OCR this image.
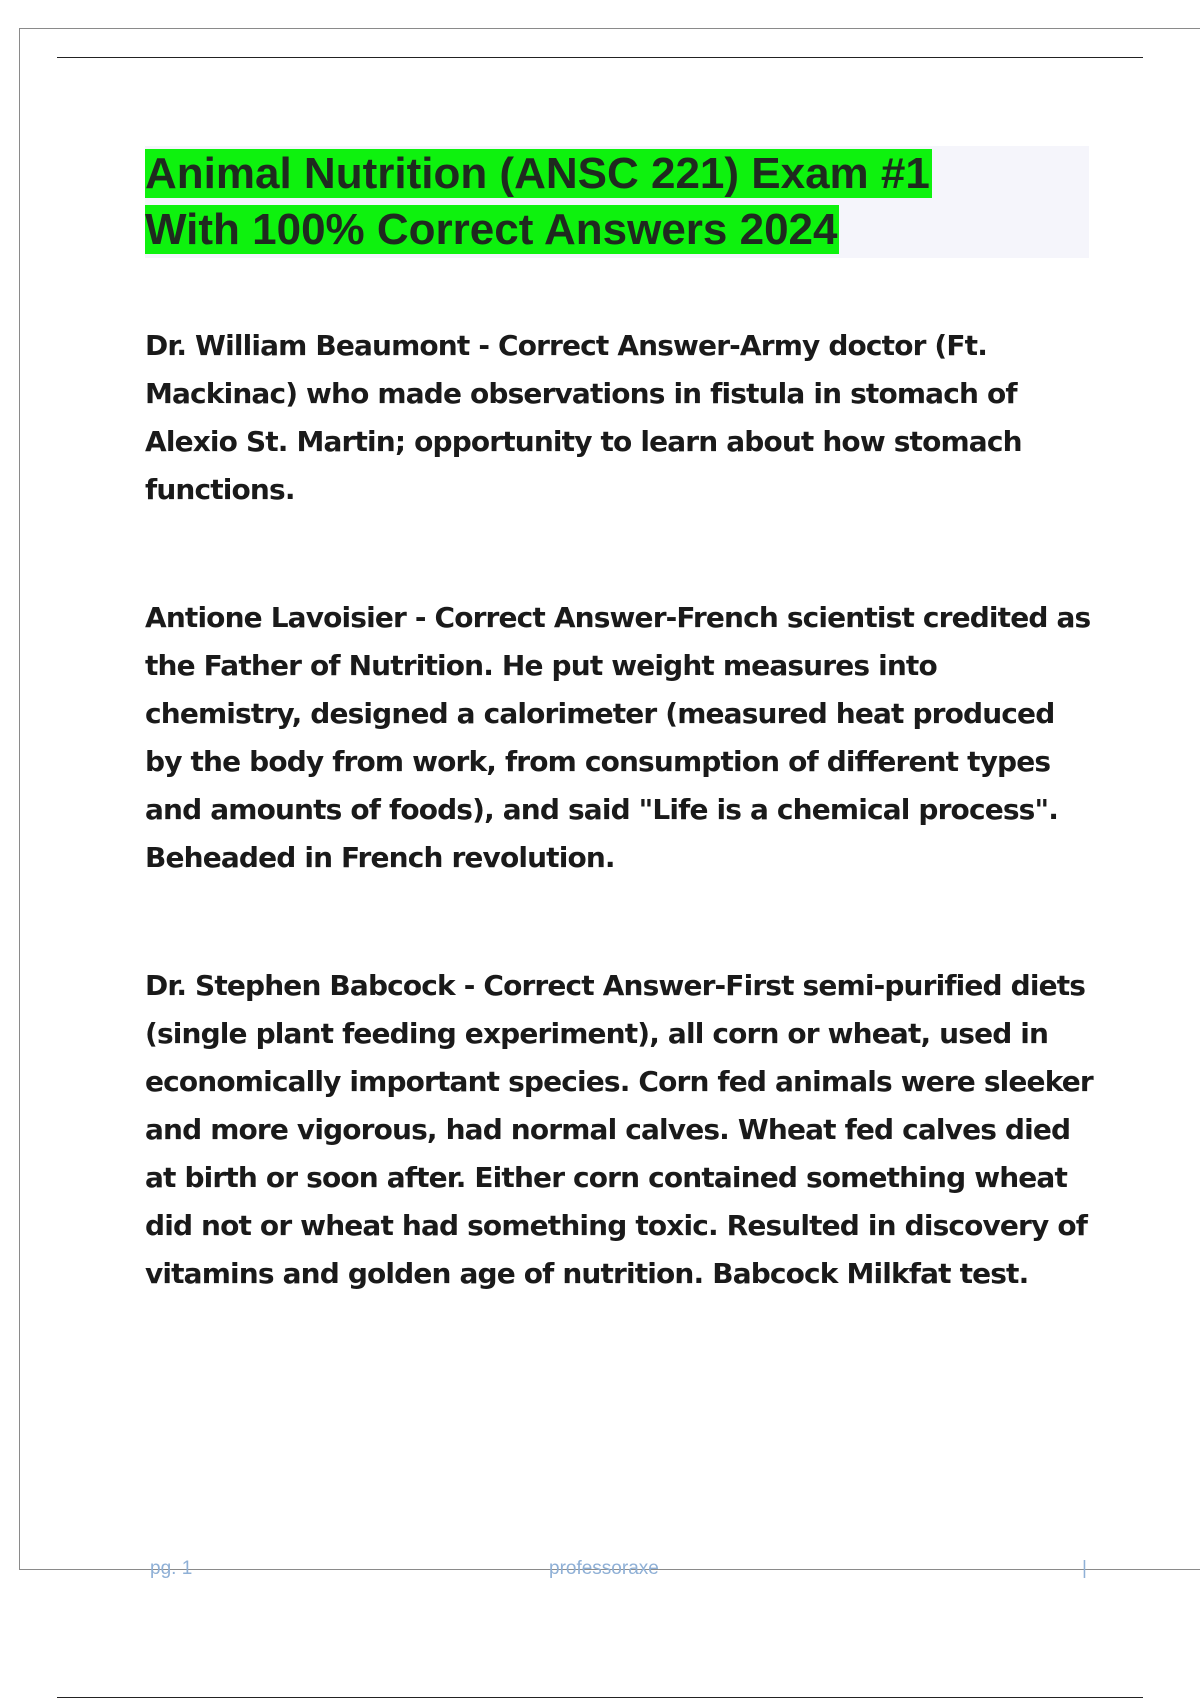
Animal Nutrition (ANSC 221) Exam #1
With 100% Correct Answers 2024

Dr. William Beaumont - Correct Answer-Army doctor (Ft. Mackinac) who made observations in fistula in stomach of Alexio St. Martin; opportunity to learn about how stomach functions.

Antione Lavoisier - Correct Answer-French scientist credited as the Father of Nutrition. He put weight measures into chemistry, designed a calorimeter (measured heat produced by the body from work, from consumption of different types and amounts of foods), and said "Life is a chemical process". Beheaded in French revolution.

Dr. Stephen Babcock - Correct Answer-First semi-purified diets (single plant feeding experiment), all corn or wheat, used in economically important species. Corn fed animals were sleeker and more vigorous, had normal calves. Wheat fed calves died at birth or soon after. Either corn contained something wheat did not or wheat had something toxic. Resulted in discovery of vitamins and golden age of nutrition. Babcock Milkfat test.

pg. 1	professoraxe	|
